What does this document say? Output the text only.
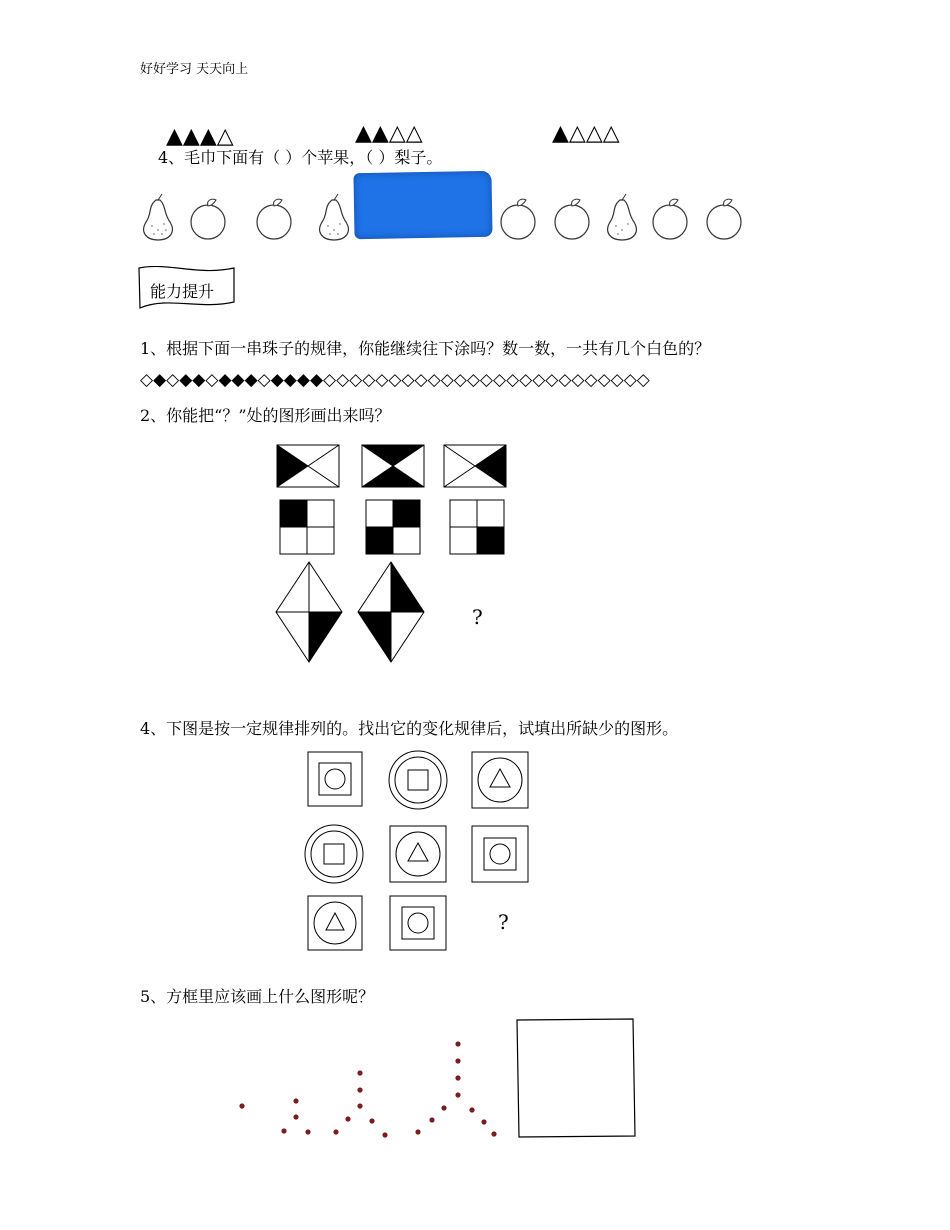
好好学习 天天向上
▲▲▲△	▲▲△△	▲△△△
4、毛巾下面有（ ）个苹果，（ ）梨子。
能力提升
1、根据下面一串珠子的规律，你能继续往下涂吗？数一数，一共有几个白色的？
◇◆◇◆◆◇◆◆◆◇◆◆◆◆◇◇◇◇◇◇◇◇◇◇◇◇◇◇◇◇◇◇◇◇◇◇◇◇◇
2、你能把“？”处的图形画出来吗？
?
4、下图是按一定规律排列的。找出它的变化规律后，试填出所缺少的图形。
?
5、方框里应该画上什么图形呢？
